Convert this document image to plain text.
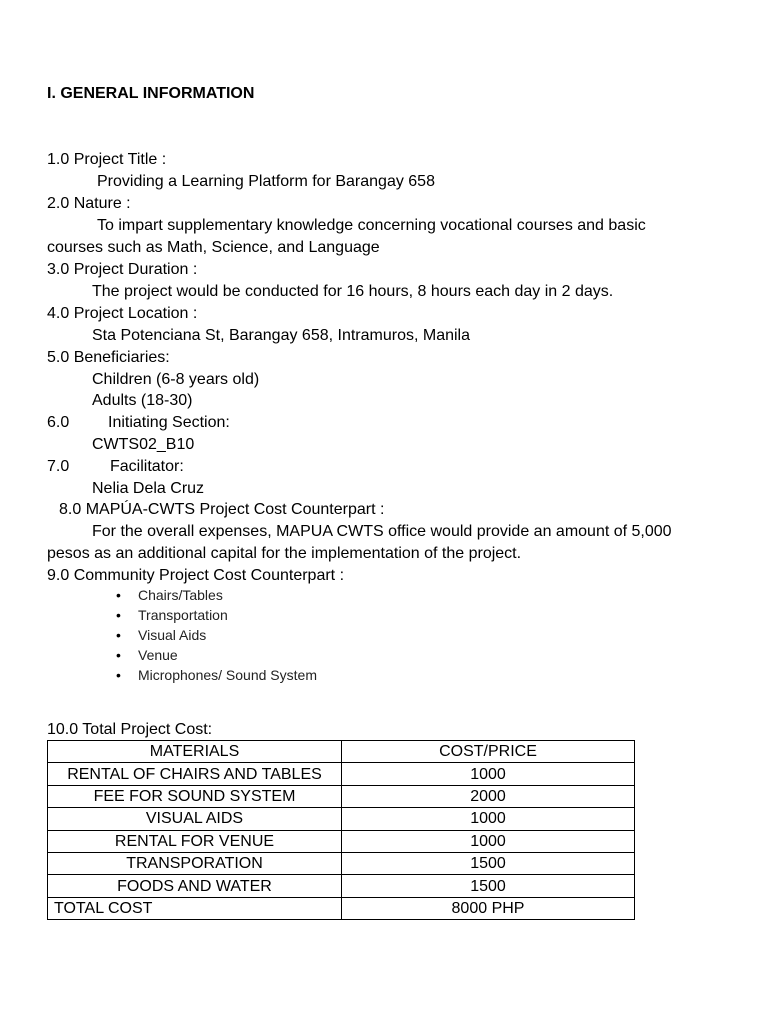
I. GENERAL INFORMATION
1.0 Project Title :
Providing a Learning Platform for Barangay 658
2.0 Nature :
To impart supplementary knowledge concerning vocational courses and basic
courses such as Math, Science, and Language
3.0 Project Duration :
The project would be conducted for 16 hours, 8 hours each day in 2 days.
4.0 Project Location :
Sta Potenciana St, Barangay 658, Intramuros, Manila
5.0 Beneficiaries:
Children (6-8 years old)
Adults (18-30)
6.0 Initiating Section:
CWTS02_B10
7.0	Facilitator:
Nelia Dela Cruz
8.0 MAPÚA-CWTS Project Cost Counterpart :
For the overall expenses, MAPUA CWTS office would provide an amount of 5,000
pesos as an additional capital for the implementation of the project.
9.0 Community Project Cost Counterpart :
• Chairs/Tables
• Transportation
• Visual Aids
• Venue
• Microphones/ Sound System
10.0 Total Project Cost:
MATERIALS	COST/PRICE
RENTAL OF CHAIRS AND TABLES	1000
FEE FOR SOUND SYSTEM	2000
VISUAL AIDS	1000
RENTAL FOR VENUE	1000
TRANSPORATION	1500
FOODS AND WATER	1500
TOTAL COST	8000 PHP
